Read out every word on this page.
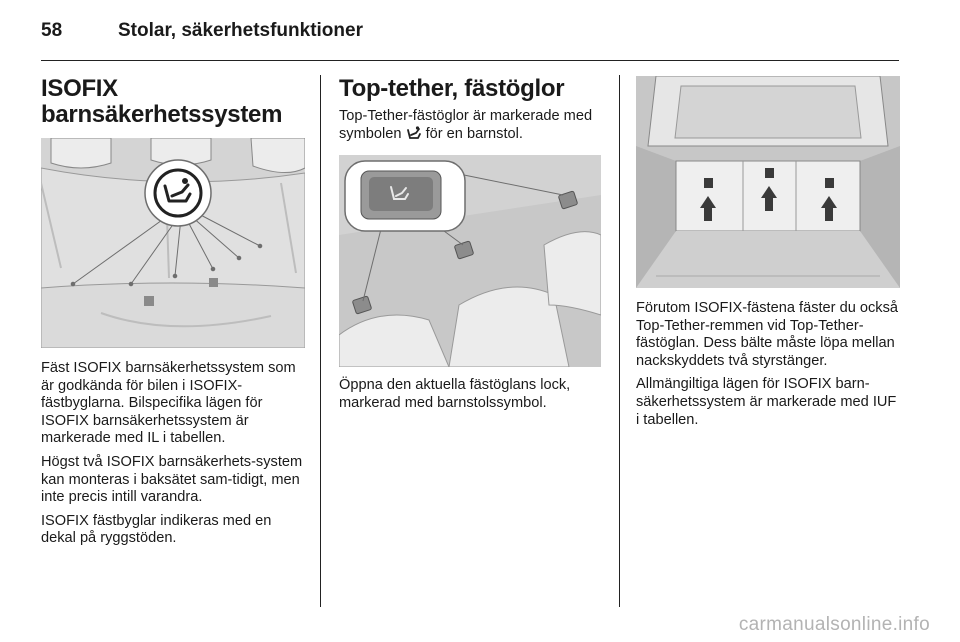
58	Stolar, säkerhetsfunktioner
ISOFIX barnsäkerhetssystem

Fäst ISOFIX barnsäkerhetssystem som är godkända för bilen i ISOFIX-fästbyglarna. Bilspecifika lägen för ISOFIX barnsäkerhetssystem är markerade med IL i tabellen.

Högst två ISOFIX barnsäkerhets-system kan monteras i baksätet sam-tidigt, men inte precis intill varandra.

ISOFIX fästbyglar indikeras med en dekal på ryggstöden.

Top-tether, fästöglor

Top-Tether-fästöglor är markerade med symbolen för en barnstol.

Öppna den aktuella fästöglans lock, markerad med barnstolssymbol.

Förutom ISOFIX-fästena fäster du också Top-Tether-remmen vid Top-Tether-fästöglan. Dess bälte måste löpa mellan nackskyddets två styrstänger.

Allmängiltiga lägen för ISOFIX barn-säkerhetssystem är markerade med IUF i tabellen.

carmanualsonline.info
